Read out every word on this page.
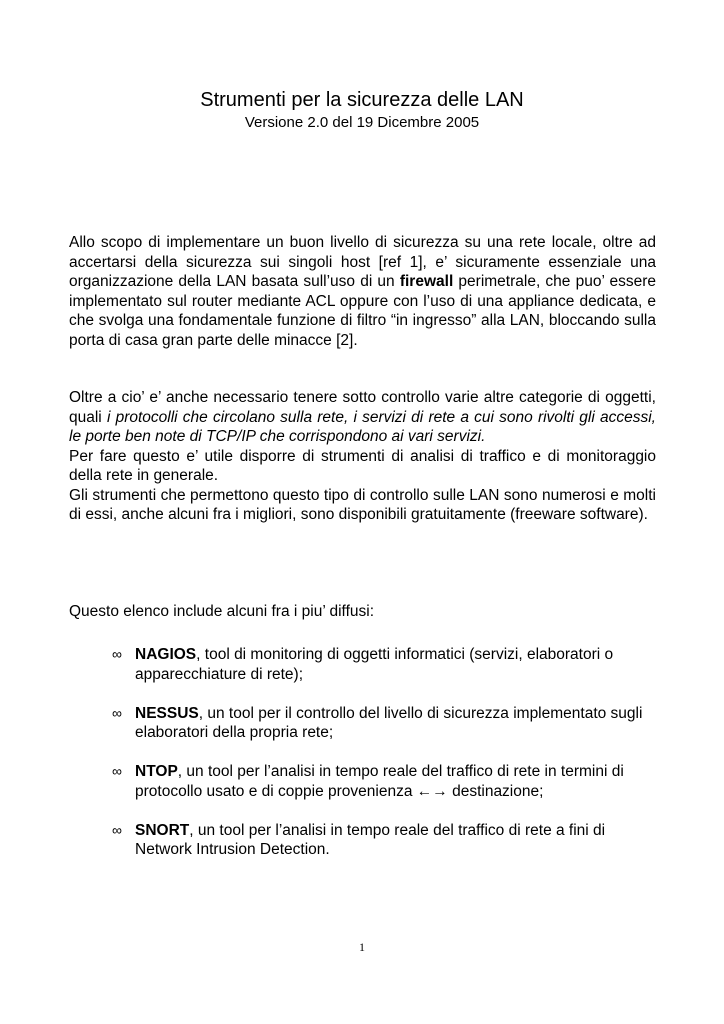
Strumenti per la sicurezza delle LAN
Versione 2.0 del 19 Dicembre 2005

Allo scopo di implementare un buon livello di sicurezza su una rete locale, oltre ad accertarsi della sicurezza sui singoli host [ref 1], e’ sicuramente essenziale una organizzazione della LAN basata sull’uso di un firewall perimetrale, che puo’ essere implementato sul router mediante ACL oppure con l’uso di una appliance dedicata, e che svolga una fondamentale funzione di filtro “in ingresso” alla LAN, bloccando sulla porta di casa gran parte delle minacce [2].

Oltre a cio’ e’ anche necessario tenere sotto controllo varie altre categorie di oggetti, quali i protocolli che circolano sulla rete, i servizi di rete a cui sono rivolti gli accessi, le porte ben note di TCP/IP che corrispondono ai vari servizi.

Per fare questo e’ utile disporre di strumenti di analisi di traffico e di monitoraggio della rete in generale.

Gli strumenti che permettono questo tipo di controllo sulle LAN sono numerosi e molti di essi, anche alcuni fra i migliori, sono disponibili gratuitamente (freeware software).

Questo elenco include alcuni fra i piu’ diffusi:

∞ NAGIOS, tool di monitoring di oggetti informatici (servizi, elaboratori o apparecchiature di rete);
∞ NESSUS, un tool per il controllo del livello di sicurezza implementato sugli elaboratori della propria rete;
∞ NTOP, un tool per l’analisi in tempo reale del traffico di rete in termini di protocollo usato e di coppie provenienza ←→ destinazione;
∞ SNORT, un tool per l’analisi in tempo reale del traffico di rete a fini di Network Intrusion Detection.
1
